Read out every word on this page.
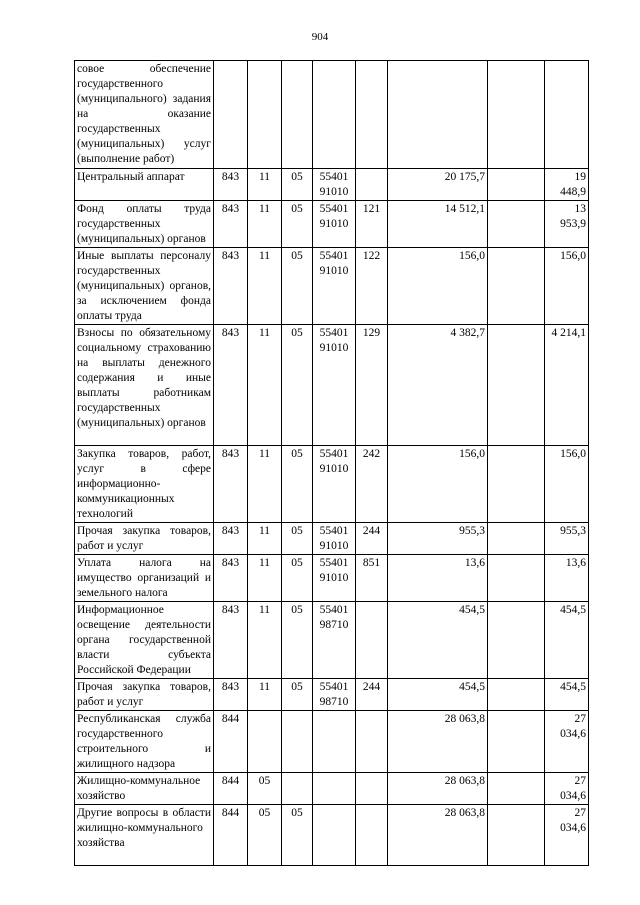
904
совое обеспечение государственного (муниципального) задания на оказание государственных (муниципальных) услуг (выполнение работ)								
Центральный аппарат	843	11	05	55401 91010		20 175,7		19 448,9
Фонд оплаты труда государственных (муниципальных) органов	843	11	05	55401 91010	121	14 512,1		13 953,9
Иные выплаты персоналу государственных (муниципальных) органов, за исключением фонда оплаты труда	843	11	05	55401 91010	122	156,0		156,0
Взносы по обязательному социальному страхованию на выплаты денежного содержания и иные выплаты работникам государственных (муниципальных) органов	843	11	05	55401 91010	129	4 382,7		4 214,1
Закупка товаров, работ, услуг в сфере информационно-коммуникационных технологий	843	11	05	55401 91010	242	156,0		156,0
Прочая закупка товаров, работ и услуг	843	11	05	55401 91010	244	955,3		955,3
Уплата налога на имущество организаций и земельного налога	843	11	05	55401 91010	851	13,6		13,6
Информационное освещение деятельности органа государственной власти субъекта Российской Федерации	843	11	05	55401 98710		454,5		454,5
Прочая закупка товаров, работ и услуг	843	11	05	55401 98710	244	454,5		454,5
Республиканская служба государственного строительного и жилищного надзора	844					28 063,8		27 034,6
Жилищно-коммунальное хозяйство	844	05				28 063,8		27 034,6
Другие вопросы в области жилищно-коммунального хозяйства	844	05	05			28 063,8		27 034,6
